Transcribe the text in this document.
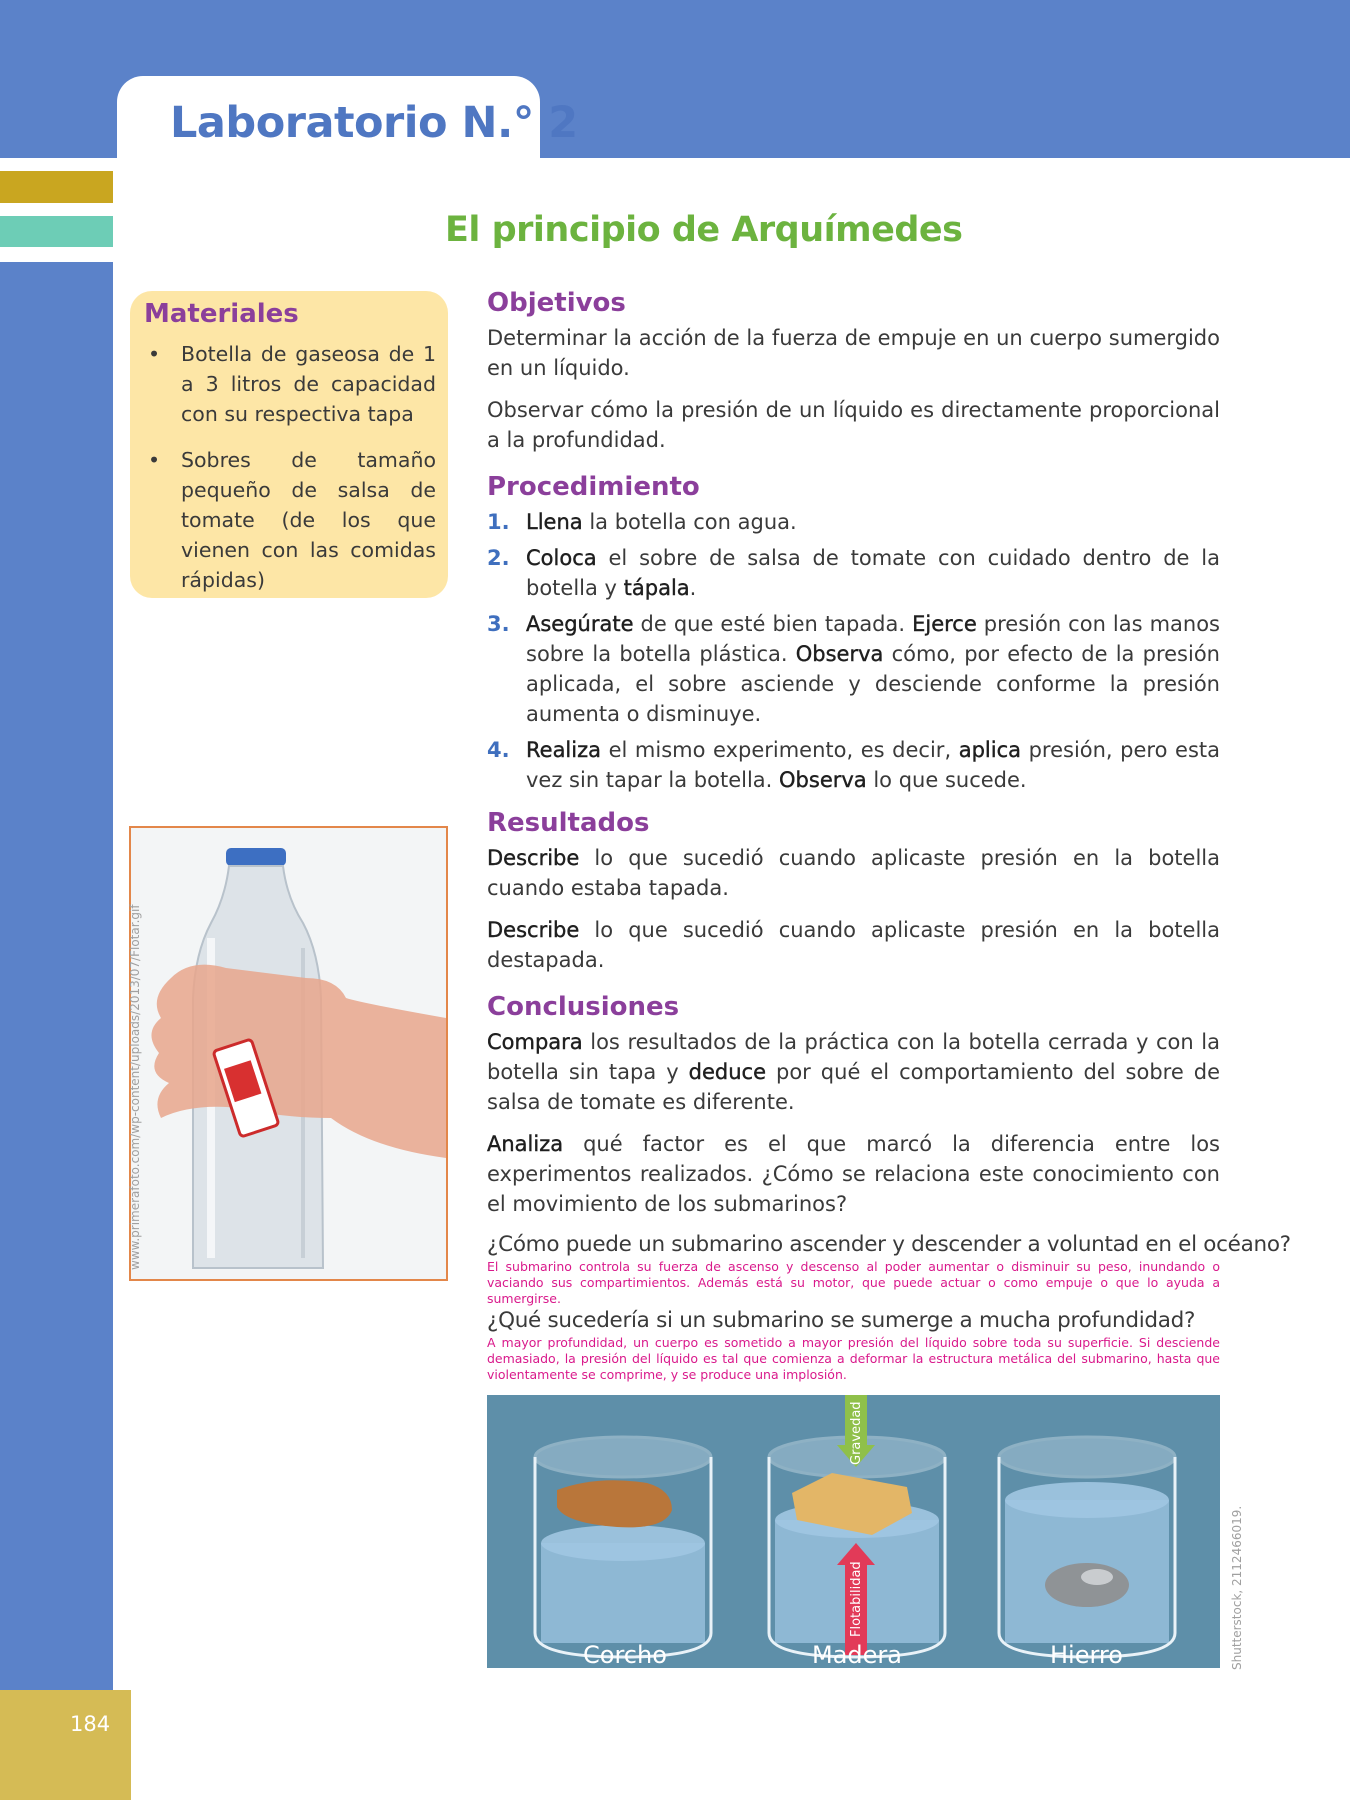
Laboratorio N.° 2
184
El principio de Arquímedes
Materiales
• Botella de gaseosa de 1 a 3 litros de capacidad con su respectiva tapa
• Sobres de tamaño pequeño de salsa de tomate (de los que vienen con las comidas rápidas)
www.primerafoto.com/wp-content/uploads/2013/07/Flotar.gif
Objetivos

Determinar la acción de la fuerza de empuje en un cuerpo sumergido en un líquido.

Observar cómo la presión de un líquido es directamente proporcional a la profundidad.

Procedimiento
1. Llena la botella con agua.
2. Coloca el sobre de salsa de tomate con cuidado dentro de la botella y tápala.
3. Asegúrate de que esté bien tapada. Ejerce presión con las manos sobre la botella plástica. Observa cómo, por efecto de la presión aplicada, el sobre asciende y desciende conforme la presión aumenta o disminuye.
4. Realiza el mismo experimento, es decir, aplica presión, pero esta vez sin tapar la botella. Observa lo que sucede.
Resultados

Describe lo que sucedió cuando aplicaste presión en la botella cuando estaba tapada.

Describe lo que sucedió cuando aplicaste presión en la botella destapada.

Conclusiones

Compara los resultados de la práctica con la botella cerrada y con la botella sin tapa y deduce por qué el comportamiento del sobre de salsa de tomate es diferente.

Analiza qué factor es el que marcó la diferencia entre los experimentos realizados. ¿Cómo se relaciona este conocimiento con el movimiento de los submarinos?

¿Cómo puede un submarino ascender y descender a voluntad en el océano?
El submarino controla su fuerza de ascenso y descenso al poder aumentar o disminuir su peso, inundando o vaciando sus compartimientos. Además está su motor, que puede actuar o como empuje o que lo ayuda a sumergirse.
¿Qué sucedería si un submarino se sumerge a mucha profundidad?
A mayor profundidad, un cuerpo es sometido a mayor presión del líquido sobre toda su superficie. Si desciende demasiado, la presión del líquido es tal que comienza a deformar la estructura metálica del submarino, hasta que violentamente se comprime, y se produce una implosión.
Corcho	Madera	Hierro
Gravedad
Flotabilidad	Shutterstock, 2112466019.
